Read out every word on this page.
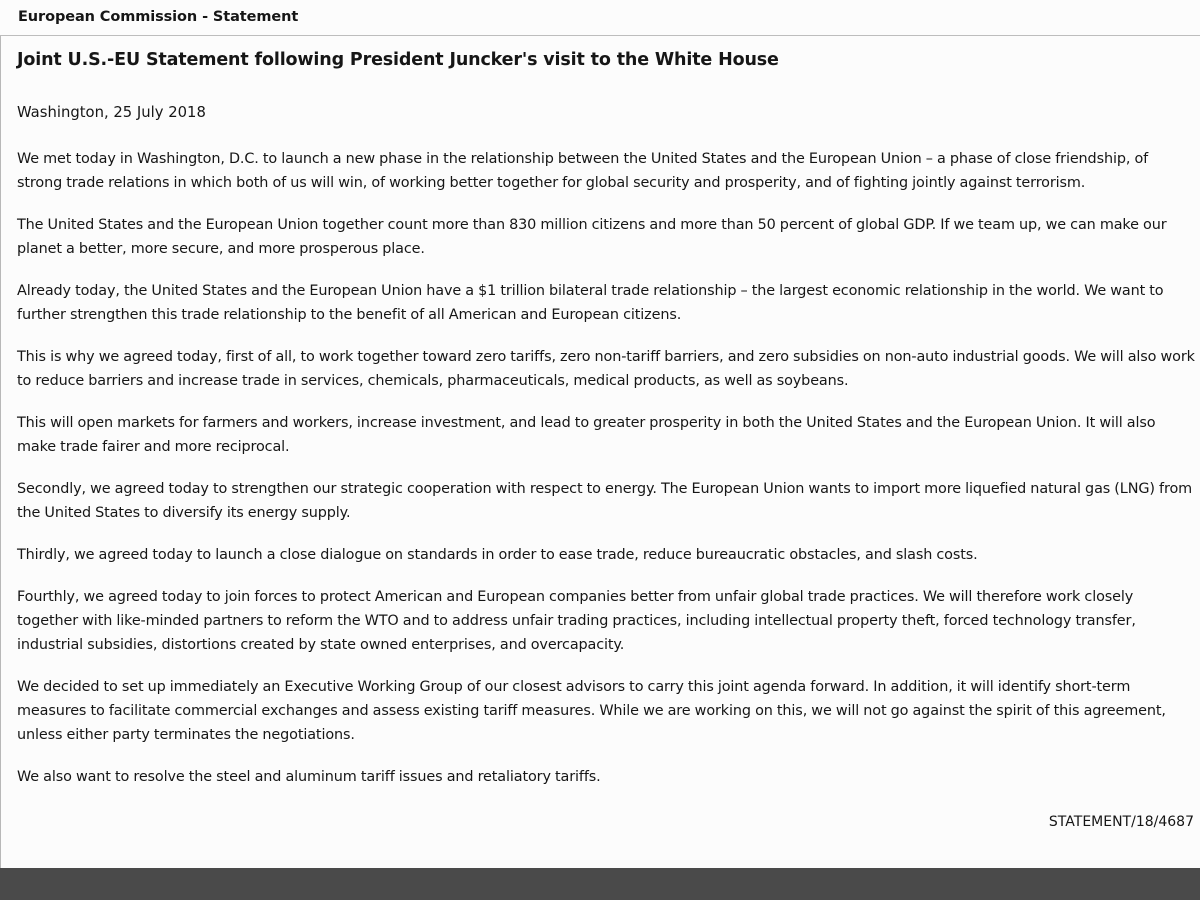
European Commission - Statement
Joint U.S.-EU Statement following President Juncker's visit to the White House
Washington, 25 July 2018

We met today in Washington, D.C. to launch a new phase in the relationship between the United States and the European Union – a phase of close friendship, of strong trade relations in which both of us will win, of working better together for global security and prosperity, and of fighting jointly against terrorism.

The United States and the European Union together count more than 830 million citizens and more than 50 percent of global GDP. If we team up, we can make our planet a better, more secure, and more prosperous place.

Already today, the United States and the European Union have a $1 trillion bilateral trade relationship – the largest economic relationship in the world. We want to further strengthen this trade relationship to the benefit of all American and European citizens.

This is why we agreed today, first of all, to work together toward zero tariffs, zero non-tariff barriers, and zero subsidies on non-auto industrial goods. We will also work to reduce barriers and increase trade in services, chemicals, pharmaceuticals, medical products, as well as soybeans.

This will open markets for farmers and workers, increase investment, and lead to greater prosperity in both the United States and the European Union. It will also make trade fairer and more reciprocal.

Secondly, we agreed today to strengthen our strategic cooperation with respect to energy. The European Union wants to import more liquefied natural gas (LNG) from the United States to diversify its energy supply.

Thirdly, we agreed today to launch a close dialogue on standards in order to ease trade, reduce bureaucratic obstacles, and slash costs.

Fourthly, we agreed today to join forces to protect American and European companies better from unfair global trade practices. We will therefore work closely together with like-minded partners to reform the WTO and to address unfair trading practices, including intellectual property theft, forced technology transfer, industrial subsidies, distortions created by state owned enterprises, and overcapacity.

We decided to set up immediately an Executive Working Group of our closest advisors to carry this joint agenda forward. In addition, it will identify short-term measures to facilitate commercial exchanges and assess existing tariff measures. While we are working on this, we will not go against the spirit of this agreement, unless either party terminates the negotiations.

We also want to resolve the steel and aluminum tariff issues and retaliatory tariffs.

STATEMENT/18/4687
